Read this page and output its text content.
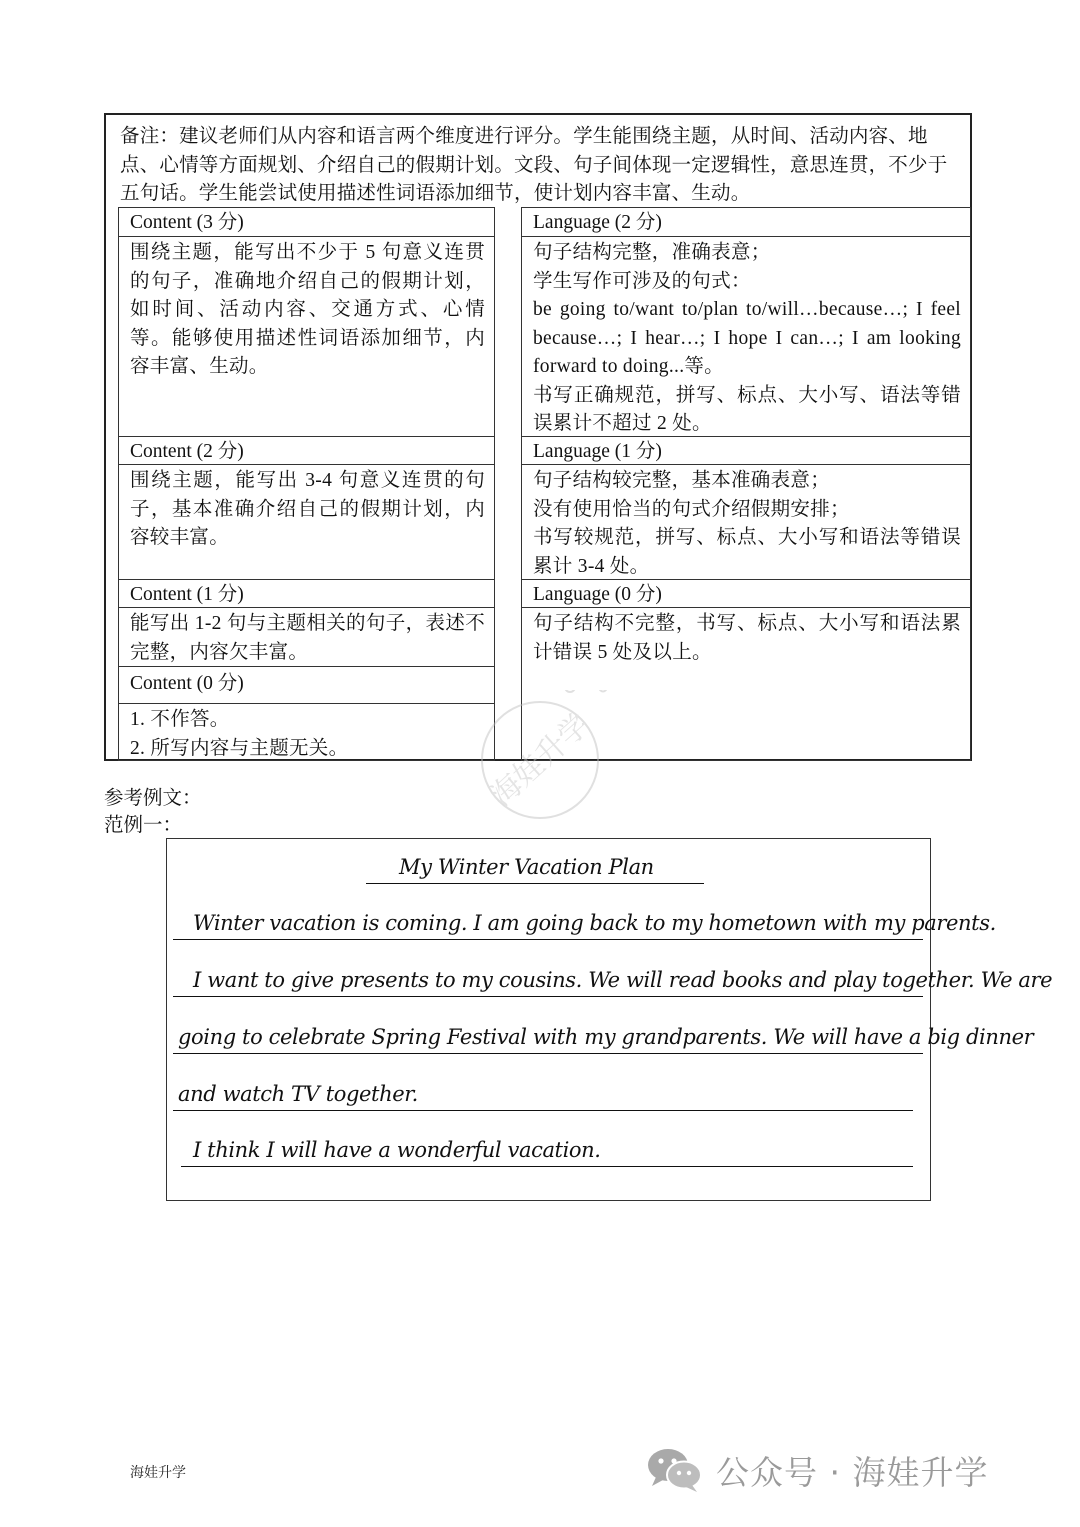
备注：建议老师们从内容和语言两个维度进行评分。学生能围绕主题，从时间、活动内容、地点、心情等方面规划、介绍自己的假期计划。文段、句子间体现一定逻辑性，意思连贯，不少于五句话。学生能尝试使用描述性词语添加细节，使计划内容丰富、生动。
Content (3 分)
围绕主题，能写出不少于 5 句意义连贯的句子，准确地介绍自己的假期计划，如时间、活动内容、交通方式、心情等。能够使用描述性词语添加细节，内容丰富、生动。
Content (2 分)
围绕主题，能写出 3-4 句意义连贯的句子，基本准确介绍自己的假期计划，内容较丰富。
Content (1 分)
能写出 1-2 句与主题相关的句子，表述不完整，内容欠丰富。
Content (0 分)

1. 不作答。

2. 所写内容与主题无关。

Language (2 分)

句子结构完整，准确表意；

学生写作可涉及的句式：

be going to/want to/plan to/will…because…; I feel because…; I hear…; I hope I can…; I am looking forward to doing...等。

书写正确规范，拼写、标点、大小写、语法等错误累计不超过 2 处。

Language (1 分)

句子结构较完整，基本准确表意；

没有使用恰当的句式介绍假期安排；

书写较规范，拼写、标点、大小写和语法等错误累计 3-4 处。

Language (0 分)

句子结构不完整，书写、标点、大小写和语法累计错误 5 处及以上。

海娃升学
参考例文：
范例一：
My Winter Vacation Plan
Winter vacation is coming. I am going back to my hometown with my parents.
I want to give presents to my cousins. We will read books and play together. We are
going to celebrate Spring Festival with my grandparents. We will have a big dinner
and watch TV together.
I think I will have a wonderful vacation.
海娃升学	公众号 · 海娃升学
